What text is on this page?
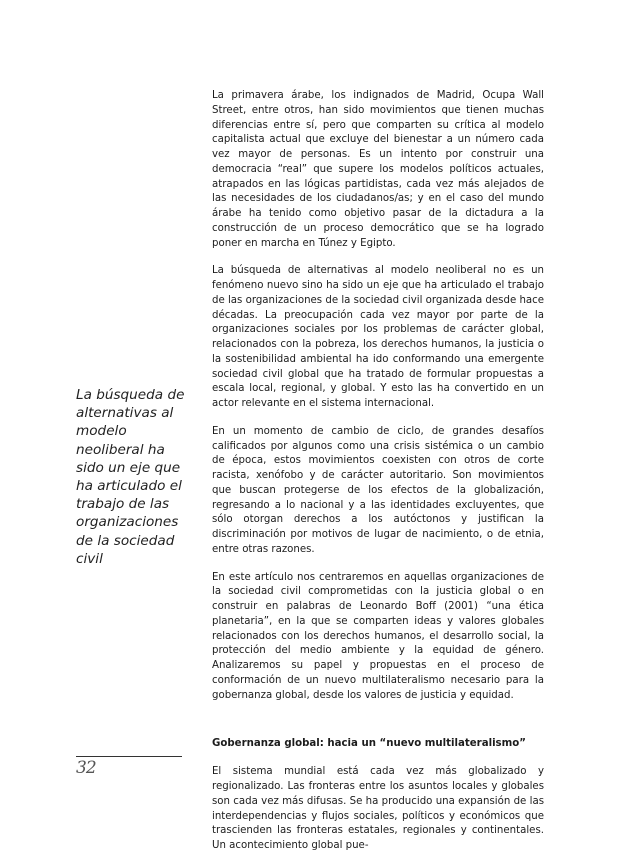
La primavera árabe, los indignados de Madrid, Ocupa Wall Street, entre otros, han sido movimientos que tienen muchas diferencias entre sí, pero que comparten su crítica al modelo capitalista actual que excluye del bienestar a un número cada vez mayor de personas. Es un intento por construir una democracia “real” que supere los modelos políticos actuales, atrapados en las lógicas partidistas, cada vez más alejados de las necesidades de los ciudadanos/as; y en el caso del mundo árabe ha tenido como objetivo pasar de la dictadura a la construcción de un proceso democrático que se ha logrado poner en marcha en Túnez y Egipto.

La búsqueda de alternativas al modelo neoliberal no es un fenómeno nuevo sino ha sido un eje que ha articulado el trabajo de las organizaciones de la sociedad civil organizada desde hace décadas. La preocupación cada vez mayor por parte de la organizaciones sociales por los problemas de carácter global, relacionados con la pobreza, los derechos humanos, la justicia o la sostenibilidad ambiental ha ido conformando una emergente sociedad civil global que ha tratado de formular propuestas a escala local, regional, y global. Y esto las ha convertido en un actor relevante en el sistema internacional.

En un momento de cambio de ciclo, de grandes desafíos calificados por algunos como una crisis sistémica o un cambio de época, estos movimientos coexisten con otros de corte racista, xenófobo y de carácter autoritario. Son movimientos que buscan protegerse de los efectos de la globalización, regresando a lo nacional y a las identidades excluyentes, que sólo otorgan derechos a los autóctonos y justifican la discriminación por motivos de lugar de nacimiento, o de etnia, entre otras razones.

En este artículo nos centraremos en aquellas organizaciones de la sociedad civil comprometidas con la justicia global o en construir en palabras de Leonardo Boff (2001) “una ética planetaria”, en la que se comparten ideas y valores globales relacionados con los derechos humanos, el desarrollo social, la protección del medio ambiente y la equidad de género. Analizaremos su papel y propuestas en el proceso de conformación de un nuevo multilateralismo necesario para la gobernanza global, desde los valores de justicia y equidad.

Gobernanza global: hacia un “nuevo multilateralismo”

El sistema mundial está cada vez más globalizado y regionalizado. Las fronteras entre los asuntos locales y globales son cada vez más difusas. Se ha producido una expansión de las interdependencias y flujos sociales, políticos y económicos que trascienden las fronteras estatales, regionales y continentales. Un acontecimiento global pue-

La búsqueda de alternativas al modelo neoliberal ha sido un eje que ha articulado el trabajo de las organizaciones de la sociedad civil
32
